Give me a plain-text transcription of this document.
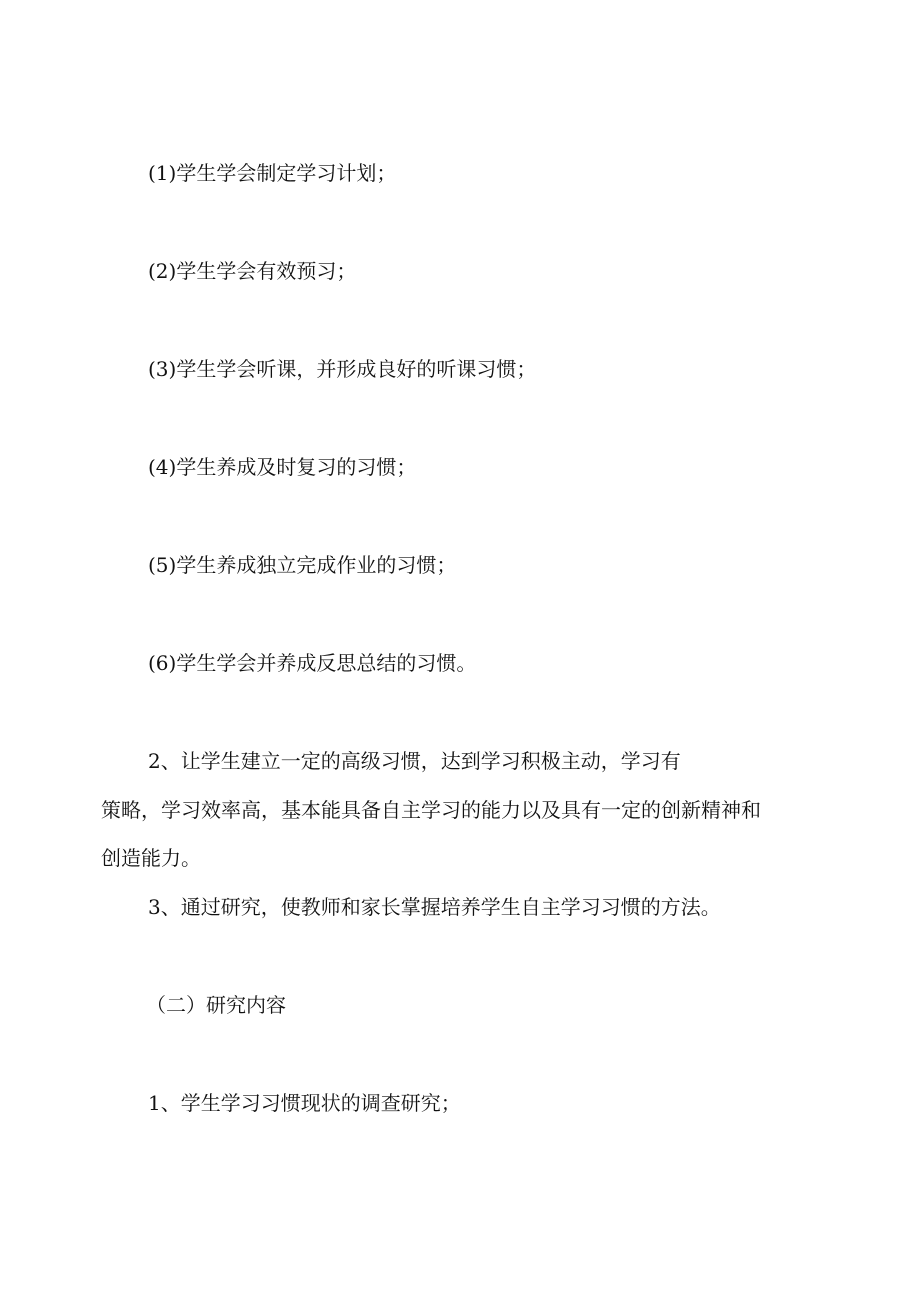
(1)学生学会制定学习计划；
(2)学生学会有效预习；
(3)学生学会听课，并形成良好的听课习惯；
(4)学生养成及时复习的习惯；
(5)学生养成独立完成作业的习惯；
(6)学生学会并养成反思总结的习惯。
2、让学生建立一定的高级习惯，达到学习积极主动，学习有
策略，学习效率高，基本能具备自主学习的能力以及具有一定的创新精神和
创造能力。
3、通过研究，使教师和家长掌握培养学生自主学习习惯的方法。
（二）研究内容
1、学生学习习惯现状的调查研究；
